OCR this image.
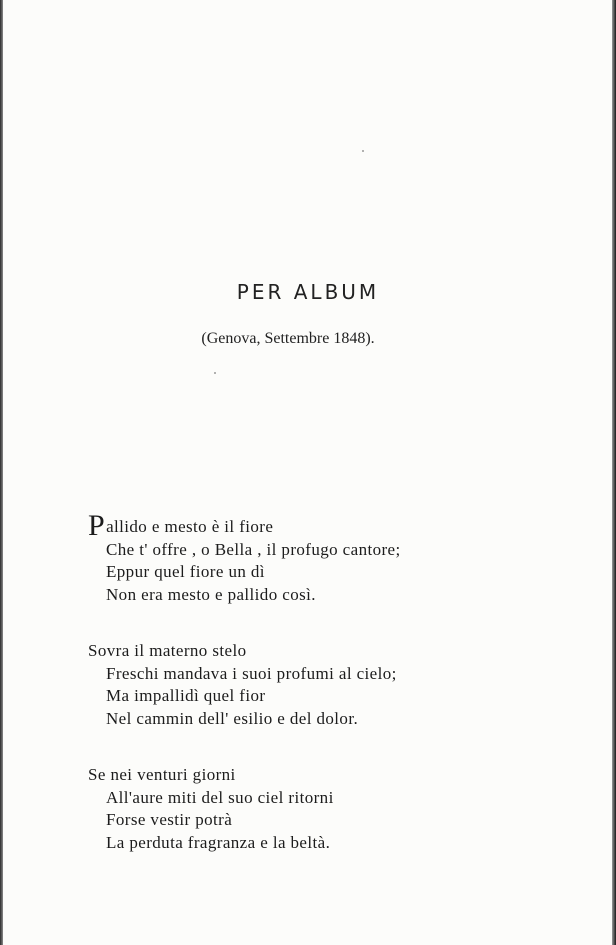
PER ALBUM
(Genova, Settembre 1848).
Pallido e mesto è il fiore
Che t' offre , o Bella , il profugo cantore;
Eppur quel fiore un dì
Non era mesto e pallido così.
Sovra il materno stelo
Freschi mandava i suoi profumi al cielo;
Ma impallidì quel fior
Nel cammin dell' esilio e del dolor.
Se nei venturi giorni
All'aure miti del suo ciel ritorni
Forse vestir potrà
La perduta fragranza e la beltà.
